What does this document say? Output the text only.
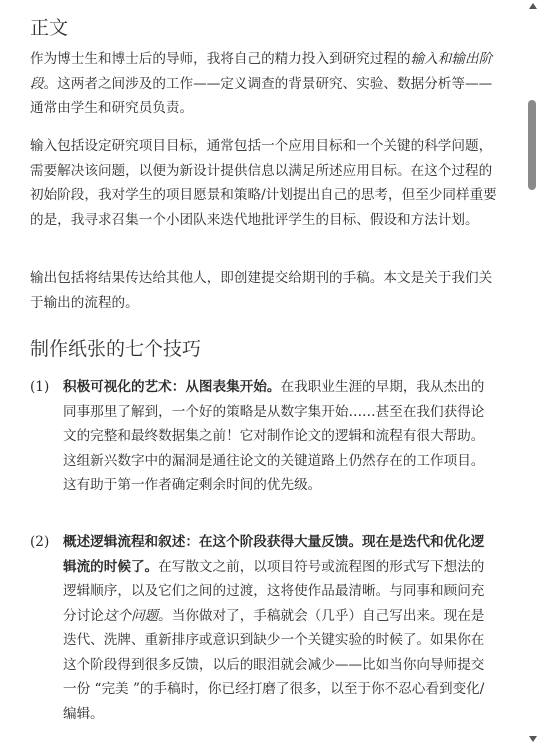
正文

作为博士生和博士后的导师，我将自己的精力投入到研究过程的输入和输出阶段。这两者之间涉及的工作——定义调查的背景研究、实验、数据分析等——通常由学生和研究员负责。

输入包括设定研究项目目标，通常包括一个应用目标和一个关键的科学问题，需要解决该问题，以便为新设计提供信息以满足所述应用目标。在这个过程的初始阶段，我对学生的项目愿景和策略/计划提出自己的思考，但至少同样重要的是，我寻求召集一个小团队来迭代地批评学生的目标、假设和方法计划。

输出包括将结果传达给其他人，即创建提交给期刊的手稿。本文是关于我们关于输出的流程的。

制作纸张的七个技巧
(1)	积极可视化的艺术：从图表集开始。在我职业生涯的早期，我从杰出的同事那里了解到，一个好的策略是从数字集开始……甚至在我们获得论文的完整和最终数据集之前！它对制作论文的逻辑和流程有很大帮助。这组新兴数字中的漏洞是通往论文的关键道路上仍然存在的工作项目。这有助于第一作者确定剩余时间的优先级。
(2)	概述逻辑流程和叙述：在这个阶段获得大量反馈。现在是迭代和优化逻辑流的时候了。在写散文之前，以项目符号或流程图的形式写下想法的逻辑顺序，以及它们之间的过渡，这将使作品最清晰。与同事和顾问充分讨论这个问题。当你做对了，手稿就会（几乎）自己写出来。现在是迭代、洗牌、重新排序或意识到缺少一个关键实验的时候了。如果你在这个阶段得到很多反馈，以后的眼泪就会减少——比如当你向导师提交一份 “完美 ”的手稿时，你已经打磨了很多，以至于你不忍心看到变化/编辑。
